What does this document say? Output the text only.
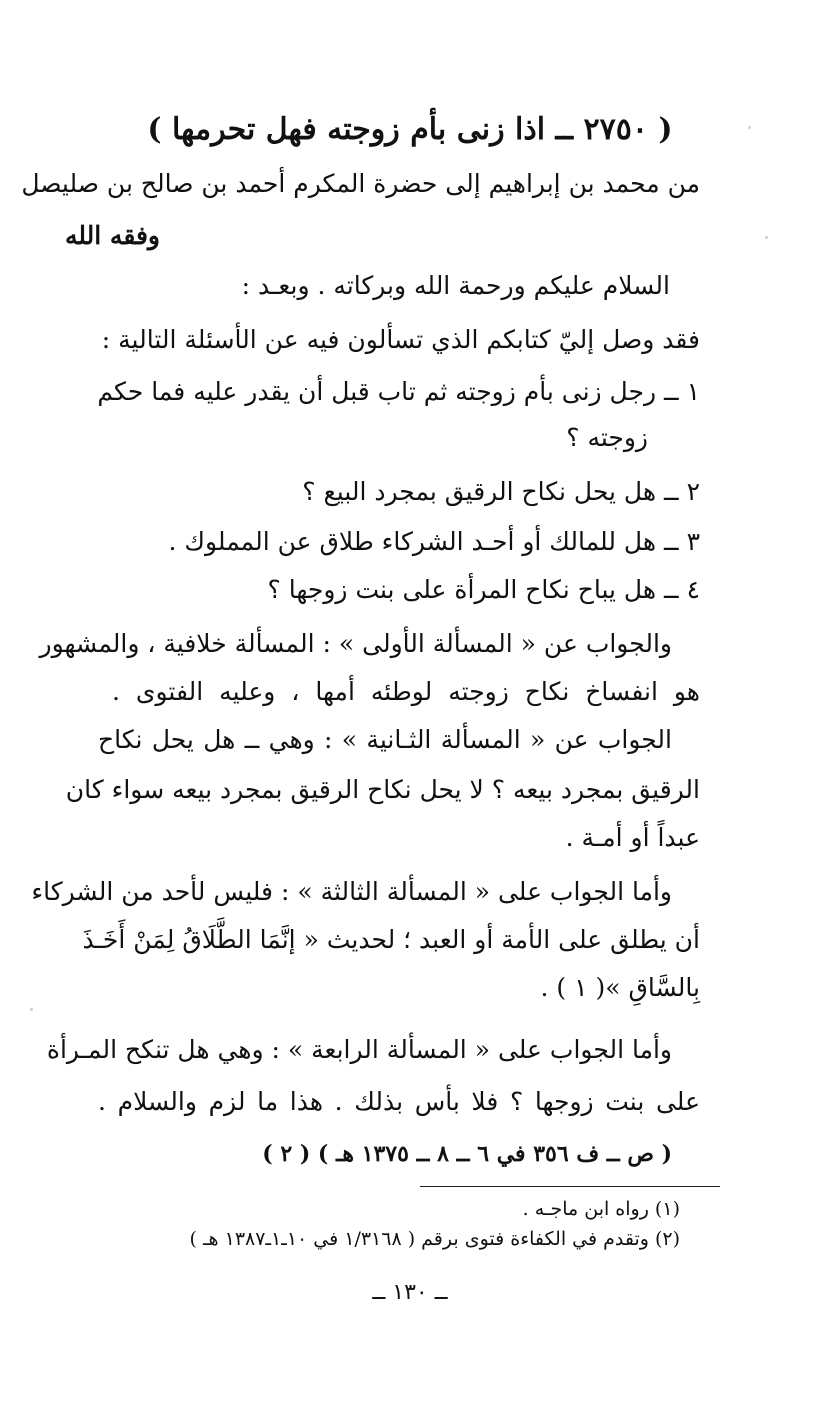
( ٢٧٥٠ ــ اذا زنى بأم زوجته فهل تحرمها )
من محمد بن إبراهيم إلى حضرة المكرم أحمد بن صالح بن صليصل
وفقه الله
السلام عليكم ورحمة الله وبركاته . وبعـد :
فقد وصل إليّ كتابكم الذي تسألون فيه عن الأسئلة التالية :
١ ــ رجل زنى بأم زوجته ثم تاب قبل أن يقدر عليه فما حكم
زوجته ؟
٢ ــ هل يحل نكاح الرقيق بمجرد البيع ؟
٣ ــ هل للمالك أو أحـد الشركاء طلاق عن المملوك .
٤ ــ هل يباح نكاح المرأة على بنت زوجها ؟
والجواب عن « المسألة الأولى » : المسألة خلافية ، والمشهور
هو انفساخ نكاح زوجته لوطئه أمها ، وعليه الفتوى .
الجواب عن « المسألة الثـانية » : وهي ــ هل يحل نكاح
الرقيق بمجرد بيعه ؟ لا يحل نكاح الرقيق بمجرد بيعه سواء كان
عبداً أو أمـة .
وأما الجواب على « المسألة الثالثة » : فليس لأحد من الشركاء
أن يطلق على الأمة أو العبد ؛ لحديث « إنَّمَا الطَّلَاقُ لِمَنْ أَخَـذَ
بِالسَّاقِ »( ١ ) .
وأما الجواب على « المسألة الرابعة » : وهي هل تنكح المـرأة
على بنت زوجها ؟ فلا بأس بذلك . هذا ما لزم والسلام .
( ص ــ ف ٣٥٦ في ٦ ــ ٨ ــ ١٣٧٥ هـ ) ( ٢ )
(١) رواه ابن ماجـه .
(٢) وتقدم في الكفاءة فتوى برقم ( ١/٣١٦٨ في ١٠ـ١ـ١٣٨٧ هـ )
ــ ١٣٠ ــ
